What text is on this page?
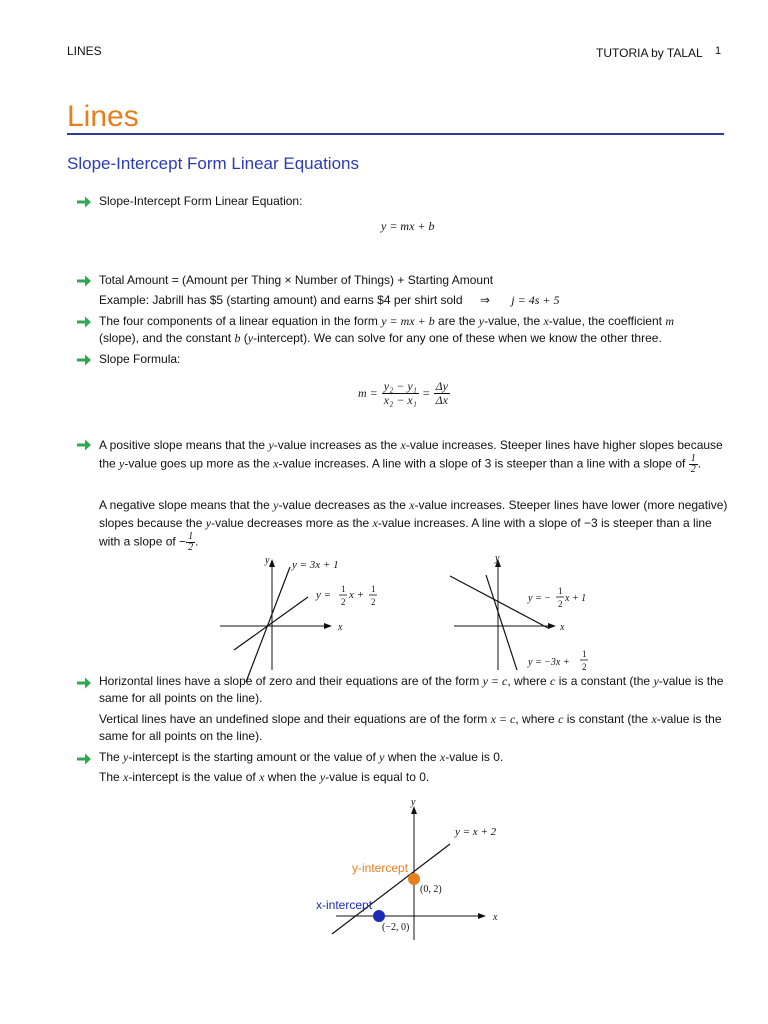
LINES	TUTORIA by TALAL 1
Lines
Slope-Intercept Form Linear Equations
Slope-Intercept Form Linear Equation:
y = mx + b
Total Amount = (Amount per Thing × Number of Things) + Starting Amount
Example: Jabrill has $5 (starting amount) and earns $4 per shirt sold ⇒ j = 4s + 5
The four components of a linear equation in the form y = mx + b are the y-value, the x-value, the coefficient m
(slope), and the constant b (y-intercept). We can solve for any one of these when we know the other three.
Slope Formula:
$m = \frac{\text{y₂ − y₁}}{\text{x₂ − x₁}} = \frac{\Delta y}{\Delta x}$
A positive slope means that the y-value increases as the x-value increases. Steeper lines have higher slopes because the y-value goes up more as the x-value increases. A line with a slope of 3 is steeper than a line with a slope of $\frac{1}{2}$ .
A negative slope means that the y-value decreases as the x-value increases. Steeper lines have lower (more negative) slopes because the y-value decreases more as the x-value increases. A line with a slope of −3 is steeper than a line with a slope of − $\frac{1}{2}$ .
x
y y = 3x + 1
y = 1
2
x + 1
2
x
y
y = −
1
2 x + 1
y = −3x +
1
2
Horizontal lines have a slope of zero and their equations are of the form y = c, where c is a constant (the y-value is the same for all points on the line).
Vertical lines have an undefined slope and their equations are of the form x = c, where c is constant (the x-value is the same for all points on the line).
The y-intercept is the starting amount or the value of y when the x-value is 0.
The x-intercept is the value of x when the y-value is equal to 0.
x
y
y = x + 2
y-intercept
(0, 2)
x-intercept
(−2, 0)
